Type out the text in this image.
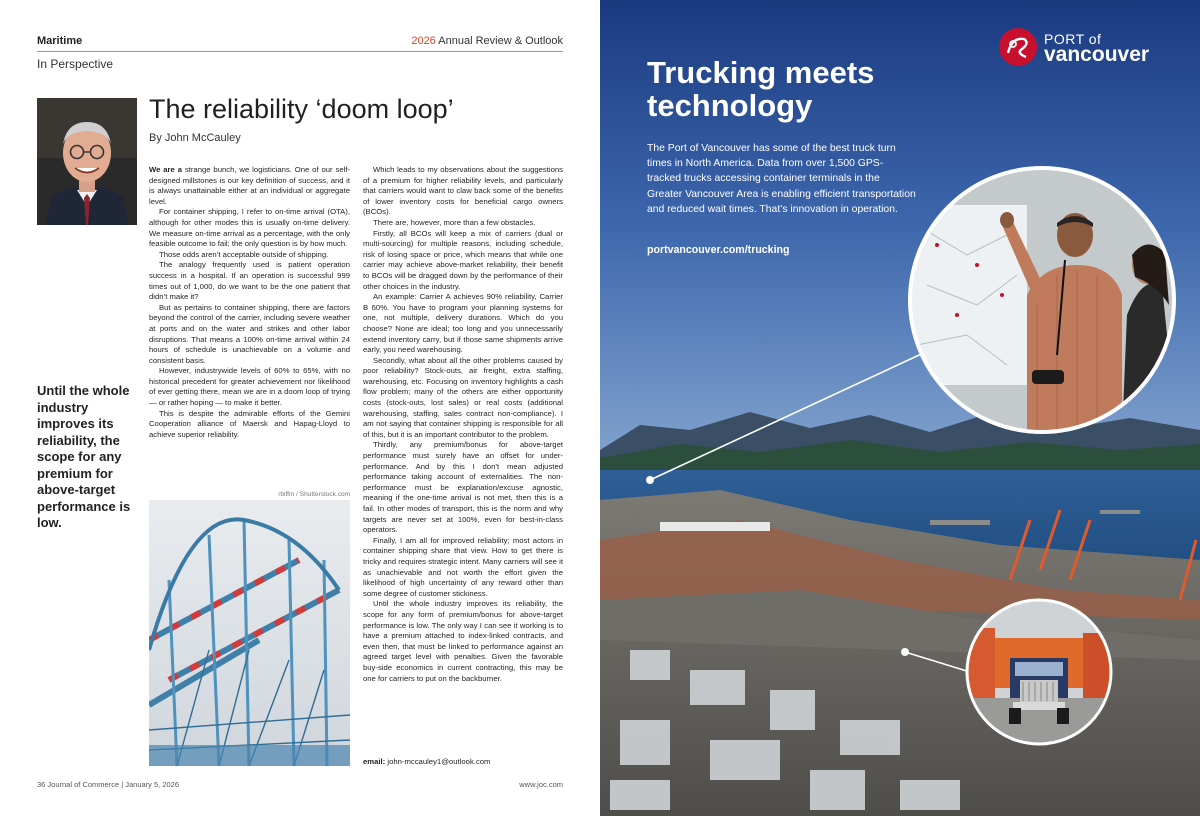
Maritime	2026 Annual Review & Outlook
In Perspective
The reliability ‘doom loop’
By John McCauley

We are a strange bunch, we logisticians. One of our self-designed millstones is our key definition of success, and it is always unattainable either at an individual or aggregate level.

For container shipping, I refer to on-time arrival (OTA), although for other modes this is usually on-time delivery. We measure on-time arrival as a percentage, with the only feasible outcome to fail; the only question is by how much.

Those odds aren’t acceptable outside of shipping.

The analogy frequently used is patient operation success in a hospital. If an operation is successful 999 times out of 1,000, do we want to be the one patient that didn’t make it?

But as pertains to container shipping, there are factors beyond the control of the carrier, including severe weather at ports and on the water and strikes and other labor disruptions. That means a 100% on-time arrival within 24 hours of schedule is unachievable on a volume and consistent basis.

However, industrywide levels of 60% to 65%, with no historical precedent for greater achievement nor likelihood of ever getting there, mean we are in a doom loop of trying — or rather hoping — to make it better.

This is despite the admirable efforts of the Gemini Cooperation alliance of Maersk and Hapag-Lloyd to achieve superior reliability.

Which leads to my observations about the suggestions of a premium for higher reliability levels, and particularly that carriers would want to claw back some of the benefits of lower inventory costs for beneficial cargo owners (BCOs).

There are, however, more than a few obstacles.

Firstly, all BCOs will keep a mix of carriers (dual or multi-sourcing) for multiple reasons, including schedule, risk of losing space or price, which means that while one carrier may achieve above-market reliability, their benefit to BCOs will be dragged down by the performance of their other choices in the industry.

An example: Carrier A achieves 90% reliability, Carrier B 60%. You have to program your planning systems for one, not multiple, delivery durations. Which do you choose? None are ideal; too long and you unnecessarily extend inventory carry, but if those same shipments arrive early, you need warehousing.

Secondly, what about all the other problems caused by poor reliability? Stock-outs, air freight, extra staffing, warehousing, etc. Focusing on inventory highlights a cash flow problem; many of the others are either opportunity costs (stock-outs, lost sales) or real costs (additional warehousing, staffing, sales contract non-compliance). I am not saying that container shipping is responsible for all of this, but it is an important contributor to the problem.

Thirdly, any premium/bonus for above-target performance must surely have an offset for under-performance. And by this I don’t mean adjusted performance taking account of externalities. The non-performance must be explanation/excuse agnostic, meaning if the one-time arrival is not met, then this is a fail. In other modes of transport, this is the norm and why targets are never set at 100%, even for best-in-class operators.

Finally, I am all for improved reliability; most actors in container shipping share that view. How to get there is tricky and requires strategic intent. Many carriers will see it as unachievable and not worth the effort given the likelihood of high uncertainty of any reward other than some degree of customer stickiness.

Until the whole industry improves its reliability, the scope for any form of premium/bonus for above-target performance is low. The only way I can see it working is to have a premium attached to index-linked contracts, and even then, that must be linked to performance against an agreed target level with penalties. Given the favorable buy-side economics in current contracting, this may be one for carriers to put on the backburner.

Until the whole industry improves its reliability, the scope for any premium for above-target performance is low.
rbiffm / Shutterstock.com
email: john-mccauley1@outlook.com
36 Journal of Commerce | January 5, 2026	www.joc.com
PORT of
vancouver
Trucking meets technology
The Port of Vancouver has some of the best truck turn times in North America. Data from over 1,500 GPS-tracked trucks accessing container terminals in the Greater Vancouver Area is enabling efficient transportation and reduced wait times. That’s innovation in operation.
portvancouver.com/trucking
